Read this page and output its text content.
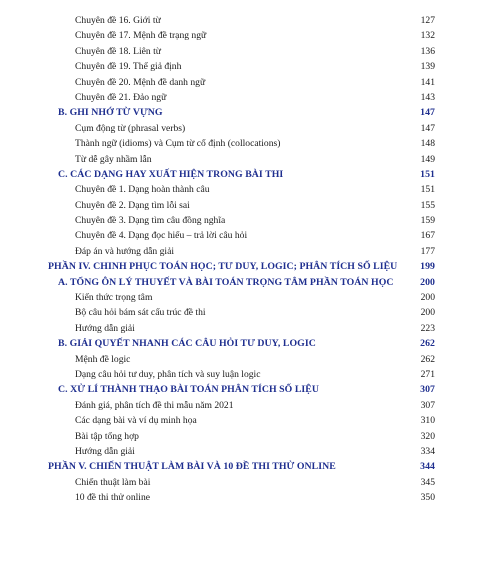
Chuyên đề 16. Giới từ	127
Chuyên đề 17. Mệnh đề trạng ngữ	132
Chuyên đề 18. Liên từ	136
Chuyên đề 19. Thể giả định	139
Chuyên đề 20. Mệnh đề danh ngữ	141
Chuyên đề 21. Đảo ngữ	143
B. GHI NHỚ TỪ VỰNG	147
Cụm động từ (phrasal verbs)	147
Thành ngữ (idioms) và Cụm từ cố định (collocations)	148
Từ dễ gây nhầm lẫn	149
C. CÁC DẠNG HAY XUẤT HIỆN TRONG BÀI THI	151
Chuyên đề 1. Dạng hoàn thành câu	151
Chuyên đề 2. Dạng tìm lỗi sai	155
Chuyên đề 3. Dạng tìm câu đồng nghĩa	159
Chuyên đề 4. Dạng đọc hiểu – trả lời câu hỏi	167
Đáp án và hướng dẫn giải	177
PHẦN IV. CHINH PHỤC TOÁN HỌC; TƯ DUY, LOGIC; PHÂN TÍCH SỐ LIỆU 199
A. TỔNG ÔN LÝ THUYẾT VÀ BÀI TOÁN TRỌNG TÂM PHẦN TOÁN HỌC	200
Kiến thức trọng tâm	200
Bộ câu hỏi bám sát cấu trúc đề thi	200
Hướng dẫn giải	223
B. GIẢI QUYẾT NHANH CÁC CÂU HỎI TƯ DUY, LOGIC	262
Mệnh đề logic	262
Dạng câu hỏi tư duy, phân tích và suy luận logic	271
C. XỬ LÍ THÀNH THẠO BÀI TOÁN PHÂN TÍCH SỐ LIỆU	307
Đánh giá, phân tích đề thi mẫu năm 2021	307
Các dạng bài và ví dụ minh họa	310
Bài tập tổng hợp	320
Hướng dẫn giải	334
PHẦN V. CHIẾN THUẬT LÀM BÀI VÀ 10 ĐỀ THI THỬ ONLINE	344
Chiến thuật làm bài	345
10 đề thi thử online	350
